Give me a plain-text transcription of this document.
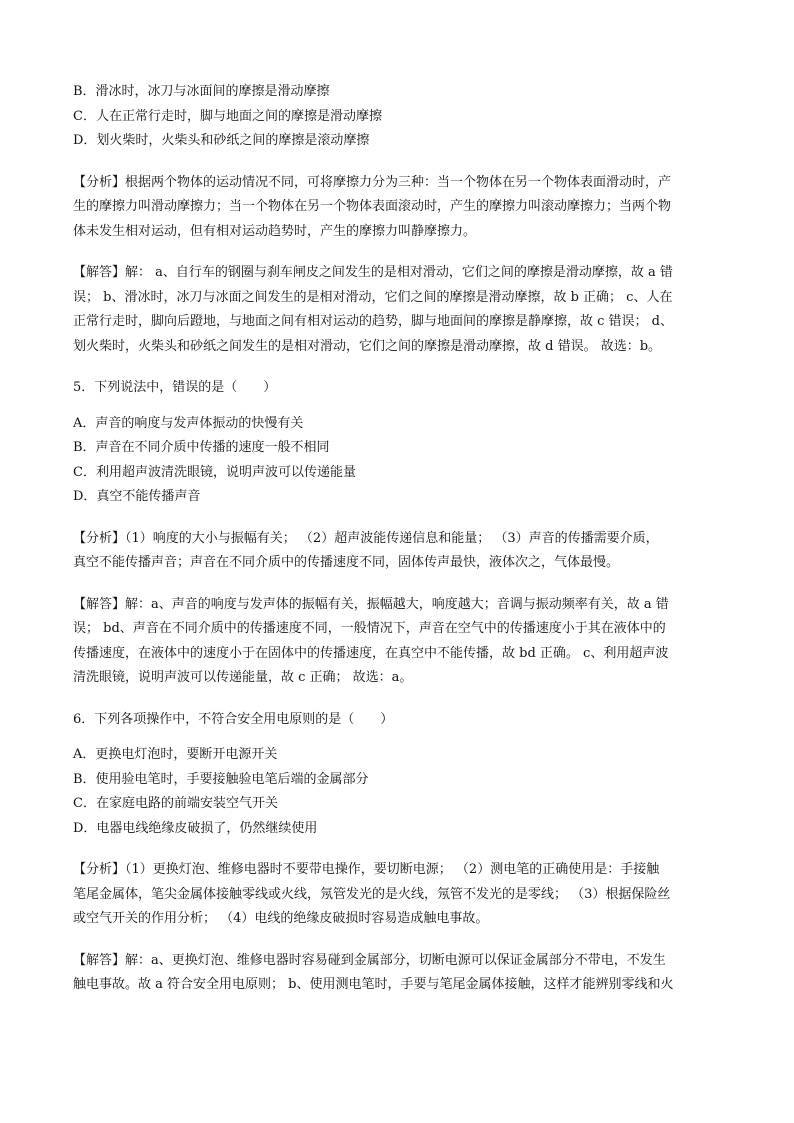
B．滑冰时，冰刀与冰面间的摩擦是滑动摩擦

C．人在正常行走时，脚与地面之间的摩擦是滑动摩擦

D．划火柴时，火柴头和砂纸之间的摩擦是滚动摩擦

【分析】根据两个物体的运动情况不同，可将摩擦力分为三种：当一个物体在另一个物体表面滑动时，产

生的摩擦力叫滑动摩擦力；当一个物体在另一个物体表面滚动时，产生的摩擦力叫滚动摩擦力；当两个物

体未发生相对运动，但有相对运动趋势时，产生的摩擦力叫静摩擦力。

【解答】解： a、自行车的钢圈与刹车闸皮之间发生的是相对滑动，它们之间的摩擦是滑动摩擦，故 a 错

误； b、滑冰时，冰刀与冰面之间发生的是相对滑动，它们之间的摩擦是滑动摩擦，故 b 正确； c、人在

正常行走时，脚向后蹬地，与地面之间有相对运动的趋势，脚与地面间的摩擦是静摩擦，故 c 错误； d、

划火柴时，火柴头和砂纸之间发生的是相对滑动，它们之间的摩擦是滑动摩擦，故 d 错误。 故选：b。

5．下列说法中，错误的是（　　）

A．声音的响度与发声体振动的快慢有关

B．声音在不同介质中传播的速度一般不相同

C．利用超声波清洗眼镜，说明声波可以传递能量

D．真空不能传播声音

【分析】（1）响度的大小与振幅有关； （2）超声波能传递信息和能量； （3）声音的传播需要介质，

真空不能传播声音；声音在不同介质中的传播速度不同，固体传声最快，液体次之，气体最慢。

【解答】解：a、声音的响度与发声体的振幅有关，振幅越大，响度越大；音调与振动频率有关，故 a 错

误； bd、声音在不同介质中的传播速度不同，一般情况下，声音在空气中的传播速度小于其在液体中的

传播速度，在液体中的速度小于在固体中的传播速度，在真空中不能传播，故 bd 正确。 c、利用超声波

清洗眼镜，说明声波可以传递能量，故 c 正确； 故选：a。

6．下列各项操作中，不符合安全用电原则的是（　　）

A．更换电灯泡时，要断开电源开关

B．使用验电笔时，手要接触验电笔后端的金属部分

C．在家庭电路的前端安装空气开关

D．电器电线绝缘皮破损了，仍然继续使用

【分析】（1）更换灯泡、维修电器时不要带电操作，要切断电源； （2）测电笔的正确使用是：手接触

笔尾金属体，笔尖金属体接触零线或火线，氖管发光的是火线，氖管不发光的是零线； （3）根据保险丝

或空气开关的作用分析； （4）电线的绝缘皮破损时容易造成触电事故。

【解答】解：a、更换灯泡、维修电器时容易碰到金属部分，切断电源可以保证金属部分不带电，不发生

触电事故。故 a 符合安全用电原则； b、使用测电笔时，手要与笔尾金属体接触，这样才能辨别零线和火
